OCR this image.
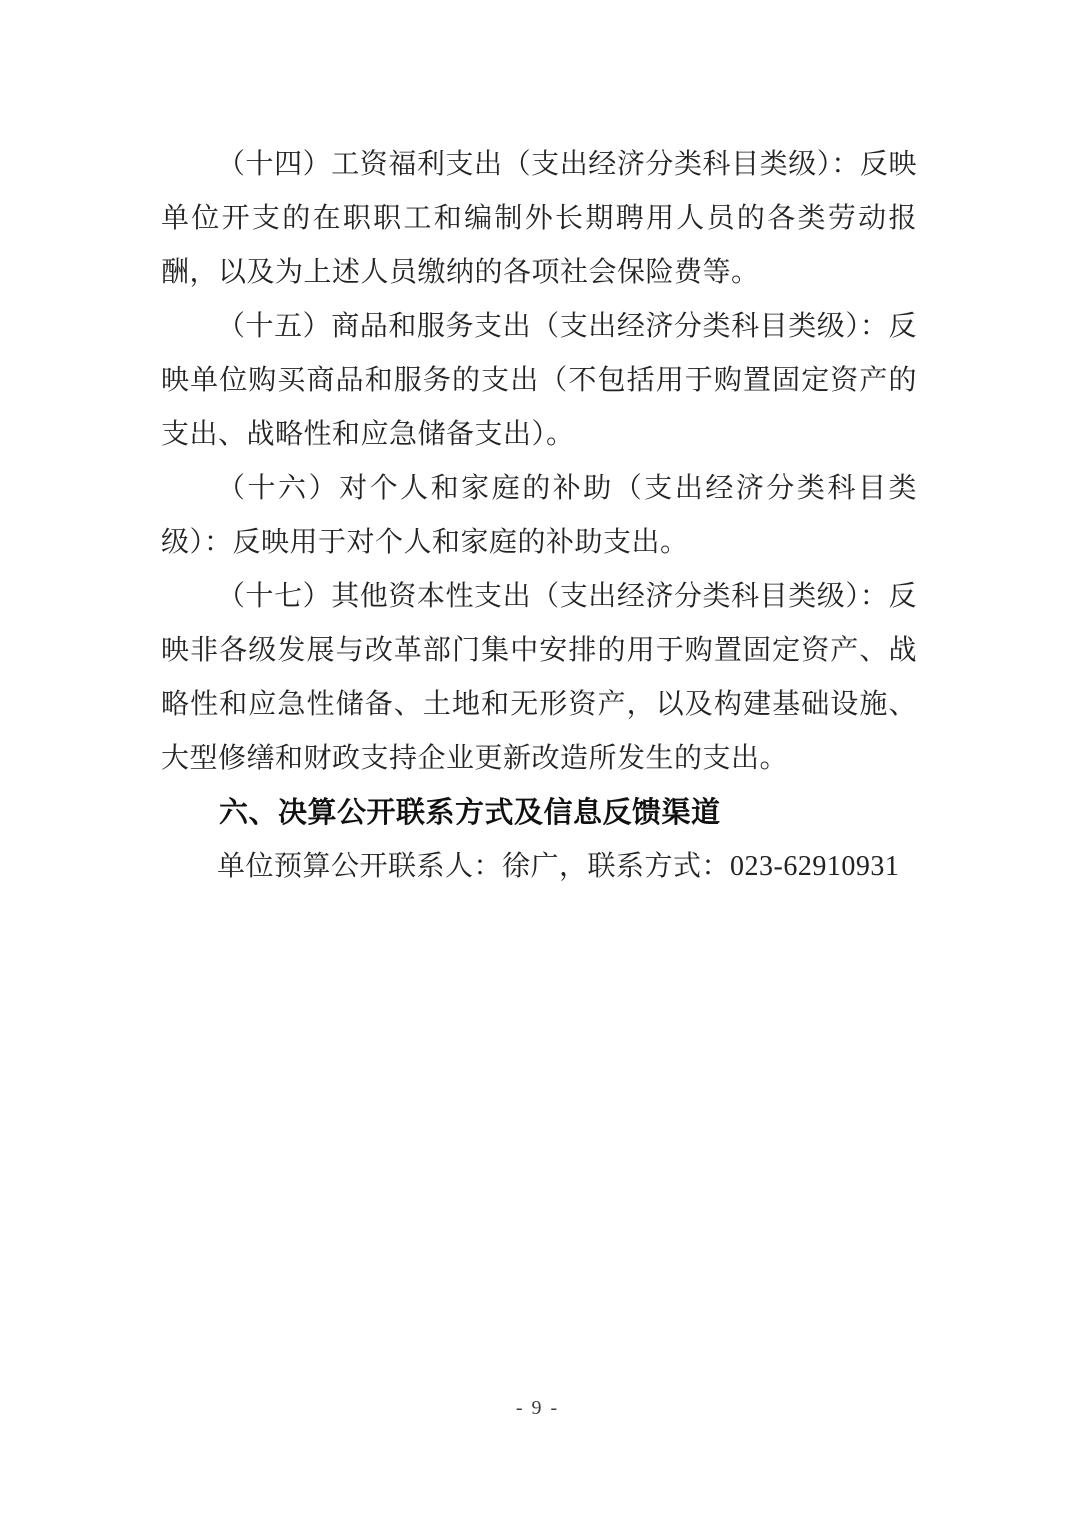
（十四）工资福利支出（支出经济分类科目类级）：反映单位开支的在职职工和编制外长期聘用人员的各类劳动报酬，以及为上述人员缴纳的各项社会保险费等。

（十五）商品和服务支出（支出经济分类科目类级）：反映单位购买商品和服务的支出（不包括用于购置固定资产的支出、战略性和应急储备支出）。

（十六）对个人和家庭的补助（支出经济分类科目类级）：反映用于对个人和家庭的补助支出。

（十七）其他资本性支出（支出经济分类科目类级）：反映非各级发展与改革部门集中安排的用于购置固定资产、战略性和应急性储备、土地和无形资产，以及构建基础设施、大型修缮和财政支持企业更新改造所发生的支出。

六、决算公开联系方式及信息反馈渠道

单位预算公开联系人：徐广，联系方式：023-62910931

- 9 -
